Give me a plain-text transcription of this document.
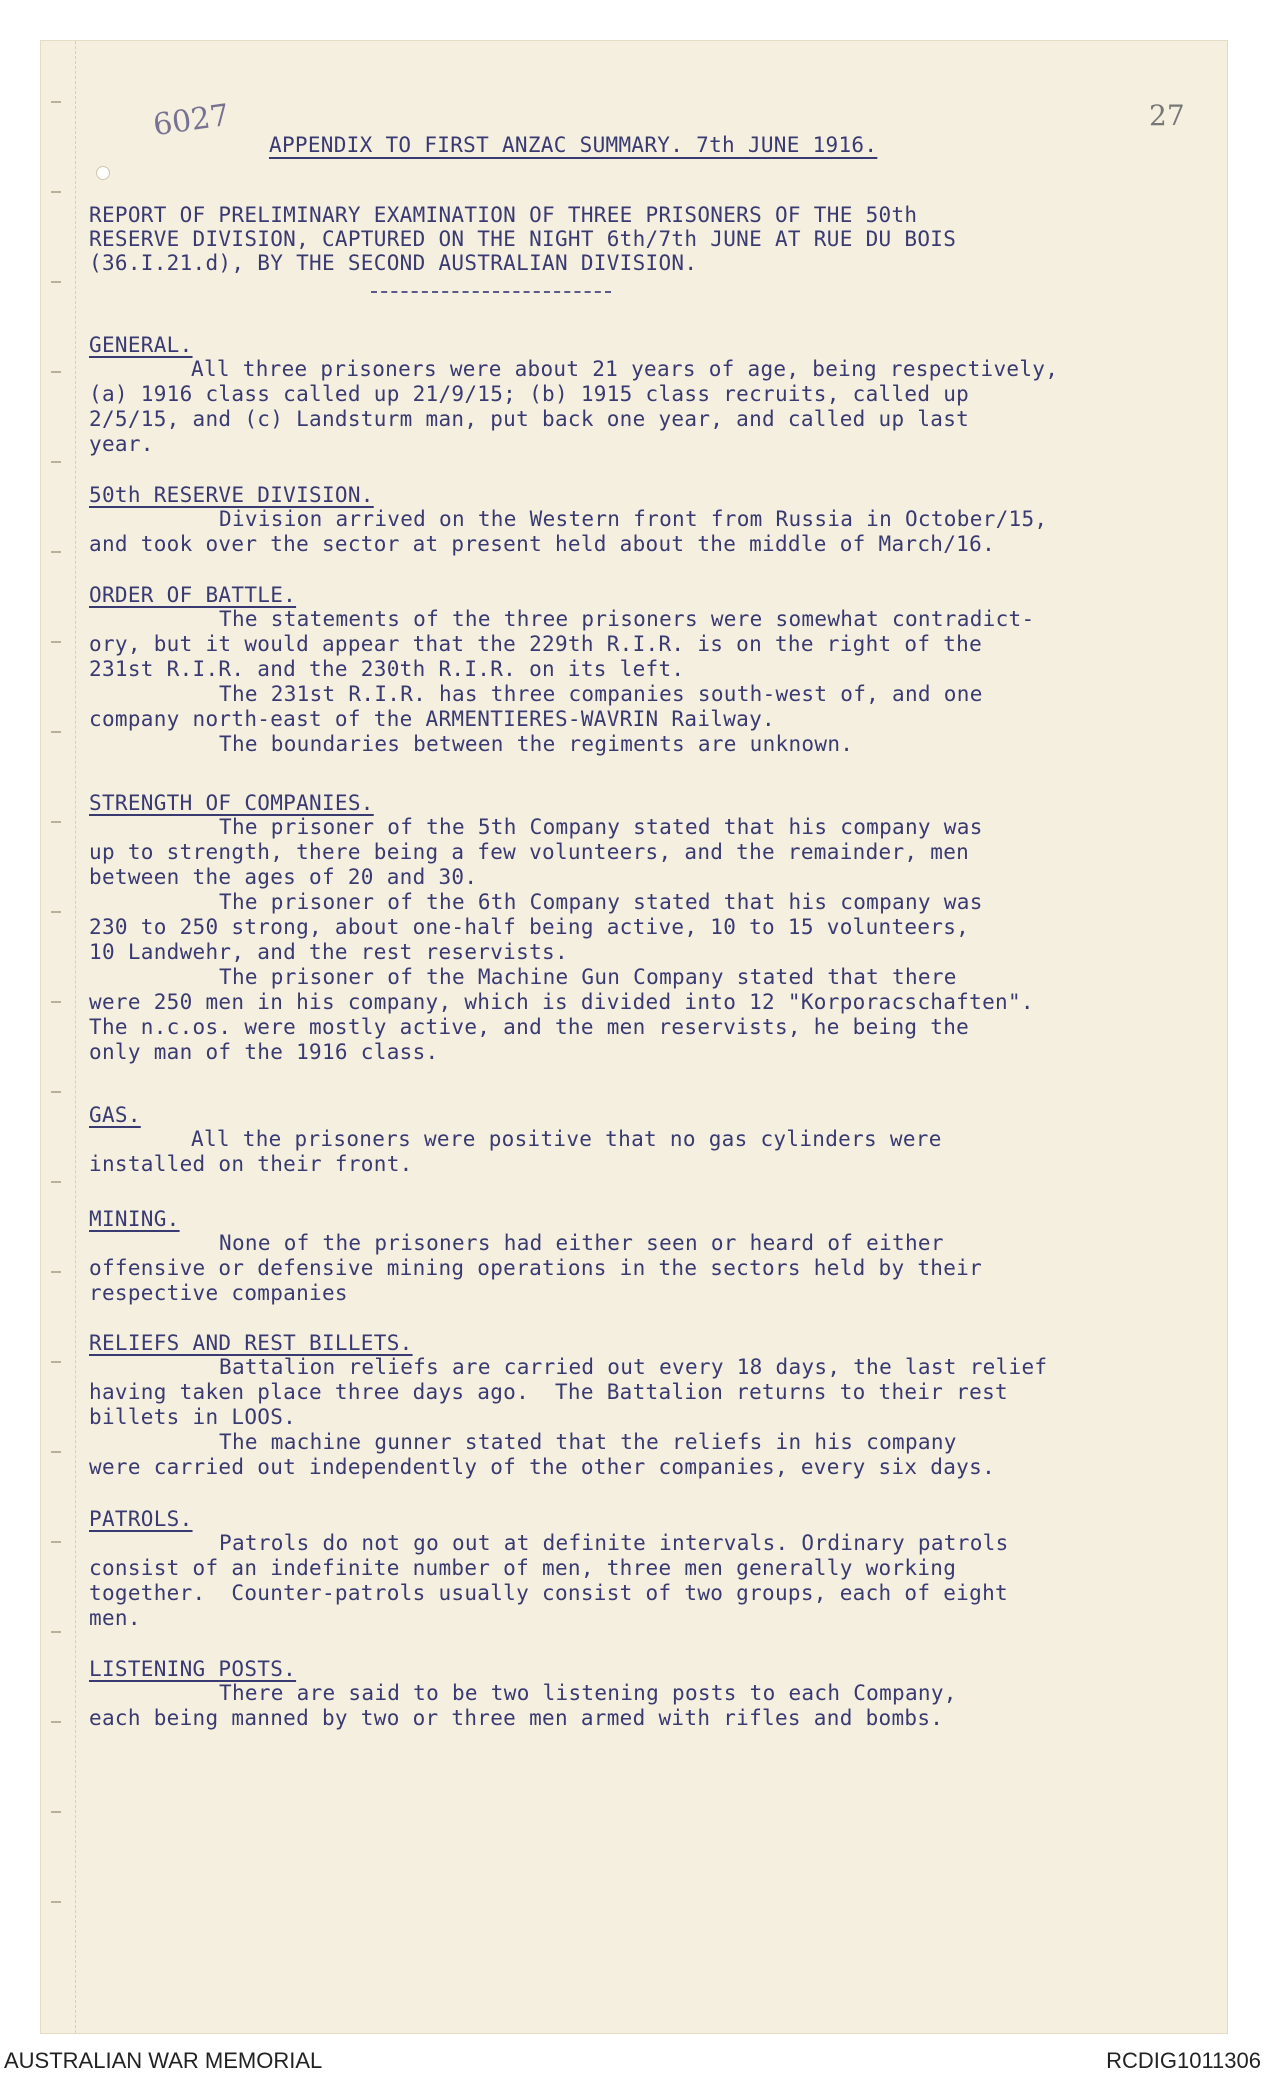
6027	27
APPENDIX TO FIRST ANZAC SUMMARY. 7th JUNE 1916.
REPORT OF PRELIMINARY EXAMINATION OF THREE PRISONERS OF THE 50th
RESERVE DIVISION, CAPTURED ON THE NIGHT 6th/7th JUNE AT RUE DU BOIS
(36.I.21.d), BY THE SECOND AUSTRALIAN DIVISION.
GENERAL.
All three prisoners were about 21 years of age, being respectively,
(a) 1916 class called up 21/9/15; (b) 1915 class recruits, called up
2/5/15, and (c) Landsturm man, put back one year, and called up last
year.
50th RESERVE DIVISION.
Division arrived on the Western front from Russia in October/15,
and took over the sector at present held about the middle of March/16.
ORDER OF BATTLE.
The statements of the three prisoners were somewhat contradict-
ory, but it would appear that the 229th R.I.R. is on the right of the
231st R.I.R. and the 230th R.I.R. on its left.
The 231st R.I.R. has three companies south-west of, and one
company north-east of the ARMENTIERES-WAVRIN Railway.
The boundaries between the regiments are unknown.
STRENGTH OF COMPANIES.
The prisoner of the 5th Company stated that his company was
up to strength, there being a few volunteers, and the remainder, men
between the ages of 20 and 30.
The prisoner of the 6th Company stated that his company was
230 to 250 strong, about one-half being active, 10 to 15 volunteers,
10 Landwehr, and the rest reservists.
The prisoner of the Machine Gun Company stated that there
were 250 men in his company, which is divided into 12 "Korporacschaften".
The n.c.os. were mostly active, and the men reservists, he being the
only man of the 1916 class.
GAS.
All the prisoners were positive that no gas cylinders were
installed on their front.
MINING.
None of the prisoners had either seen or heard of either
offensive or defensive mining operations in the sectors held by their
respective companies
RELIEFS AND REST BILLETS.
Battalion reliefs are carried out every 18 days, the last relief
having taken place three days ago.  The Battalion returns to their rest
billets in LOOS.
The machine gunner stated that the reliefs in his company
were carried out independently of the other companies, every six days.
PATROLS.
Patrols do not go out at definite intervals. Ordinary patrols
consist of an indefinite number of men, three men generally working
together.  Counter-patrols usually consist of two groups, each of eight
men.
LISTENING POSTS.
There are said to be two listening posts to each Company,
each being manned by two or three men armed with rifles and bombs.
AUSTRALIAN WAR MEMORIAL	RCDIG1011306
